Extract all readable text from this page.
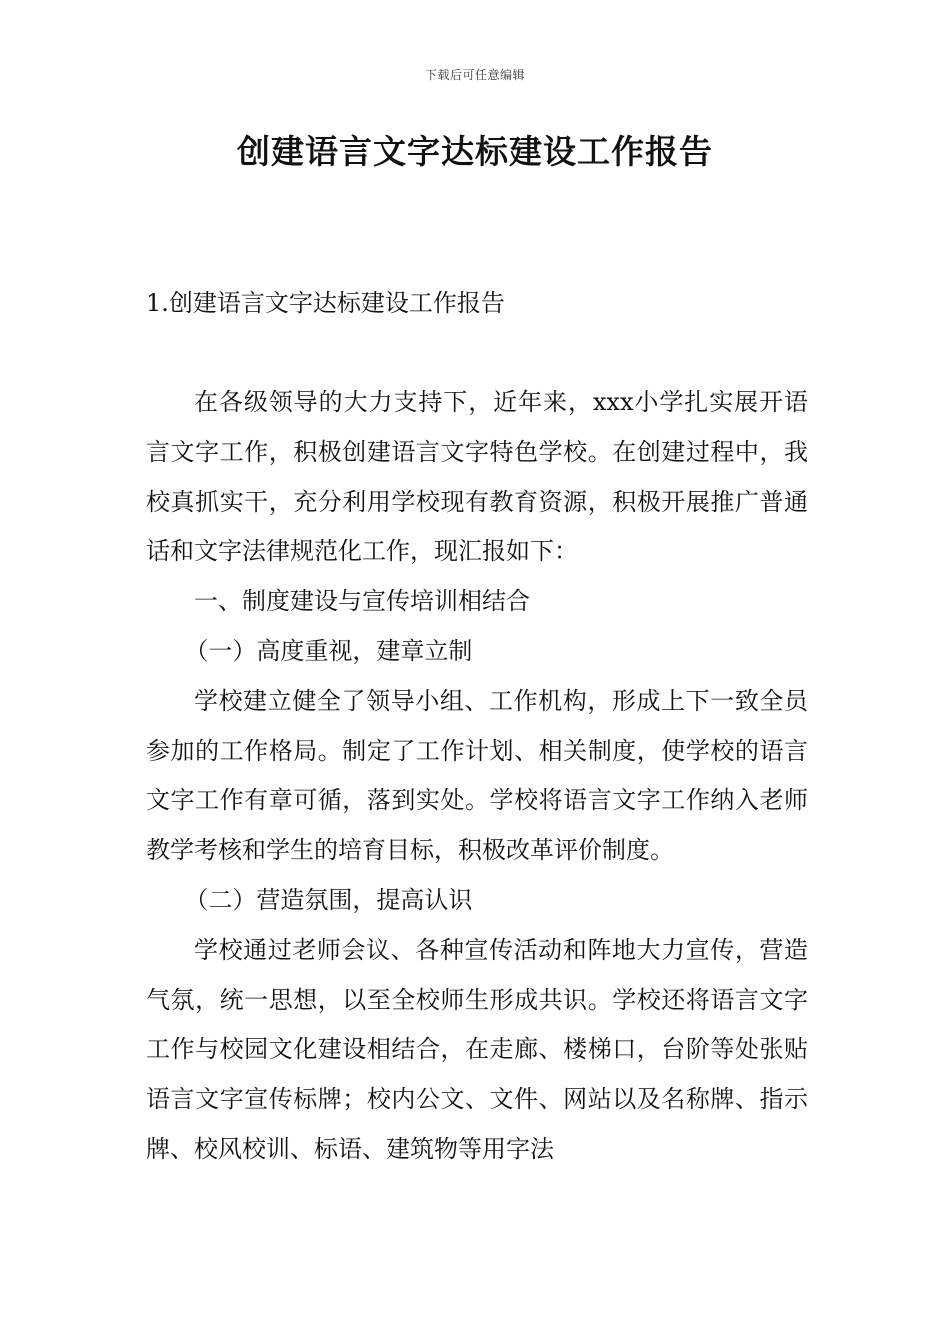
下载后可任意编辑
创建语言文字达标建设工作报告

1.创建语言文字达标建设工作报告

在各级领导的大力支持下，近年来，xxx小学扎实展开语言文字工作，积极创建语言文字特色学校。在创建过程中，我校真抓实干，充分利用学校现有教育资源，积极开展推广普通话和文字法律规范化工作，现汇报如下：

一、制度建设与宣传培训相结合

（一）高度重视，建章立制

学校建立健全了领导小组、工作机构，形成上下一致全员参加的工作格局。制定了工作计划、相关制度，使学校的语言文字工作有章可循，落到实处。学校将语言文字工作纳入老师教学考核和学生的培育目标，积极改革评价制度。

（二）营造氛围，提高认识

学校通过老师会议、各种宣传活动和阵地大力宣传，营造气氛，统一思想，以至全校师生形成共识。学校还将语言文字工作与校园文化建设相结合，在走廊、楼梯口，台阶等处张贴语言文字宣传标牌；校内公文、文件、网站以及名称牌、指示牌、校风校训、标语、建筑物等用字法
